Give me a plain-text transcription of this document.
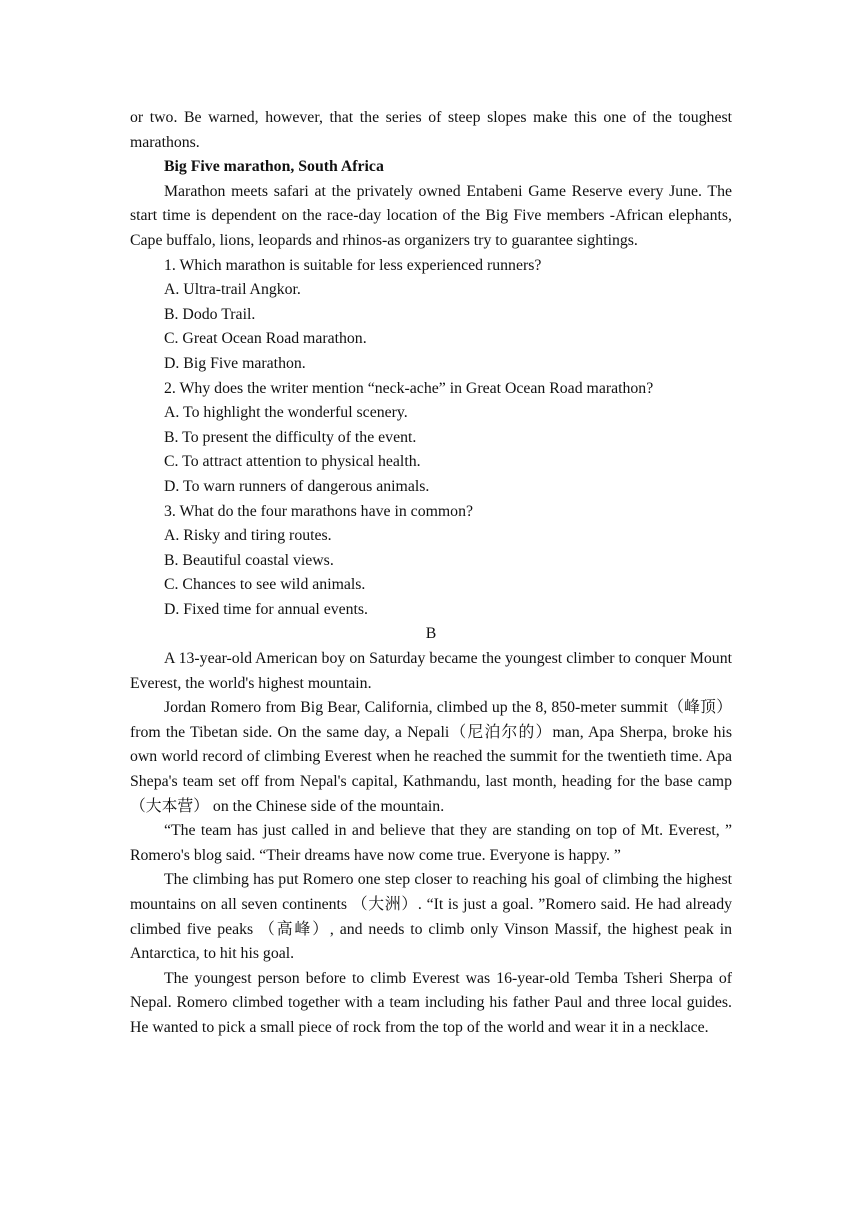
or two. Be warned, however, that the series of steep slopes make this one of the toughest marathons.

Big Five marathon, South Africa

Marathon meets safari at the privately owned Entabeni Game Reserve every June. The start time is dependent on the race-day location of the Big Five members -African elephants, Cape buffalo, lions, leopards and rhinos-as organizers try to guarantee sightings.

1. Which marathon is suitable for less experienced runners?

A. Ultra-trail Angkor.

B. Dodo Trail.

C. Great Ocean Road marathon.

D. Big Five marathon.

2. Why does the writer mention “neck-ache” in Great Ocean Road marathon?

A. To highlight the wonderful scenery.

B. To present the difficulty of the event.

C. To attract attention to physical health.

D. To warn runners of dangerous animals.

3. What do the four marathons have in common?

A. Risky and tiring routes.

B. Beautiful coastal views.

C. Chances to see wild animals.

D. Fixed time for annual events.

B

A 13-year-old American boy on Saturday became the youngest climber to conquer Mount Everest, the world's highest mountain.

Jordan Romero from Big Bear, California, climbed up the 8, 850-meter summit（峰顶） from the Tibetan side. On the same day, a Nepali（尼泊尔的）man, Apa Sherpa, broke his own world record of climbing Everest when he reached the summit for the twentieth time. Apa Shepa's team set off from Nepal's capital, Kathmandu, last month, heading for the base camp（大本营） on the Chinese side of the mountain.

“The team has just called in and believe that they are standing on top of Mt. Everest, ” Romero's blog said. “Their dreams have now come true. Everyone is happy. ”

The climbing has put Romero one step closer to reaching his goal of climbing the highest mountains on all seven continents （大洲）. “It is just a goal. ”Romero said. He had already climbed five peaks （高峰）, and needs to climb only Vinson Massif, the highest peak in Antarctica, to hit his goal.

The youngest person before to climb Everest was 16-year-old Temba Tsheri Sherpa of Nepal. Romero climbed together with a team including his father Paul and three local guides. He wanted to pick a small piece of rock from the top of the world and wear it in a necklace.
